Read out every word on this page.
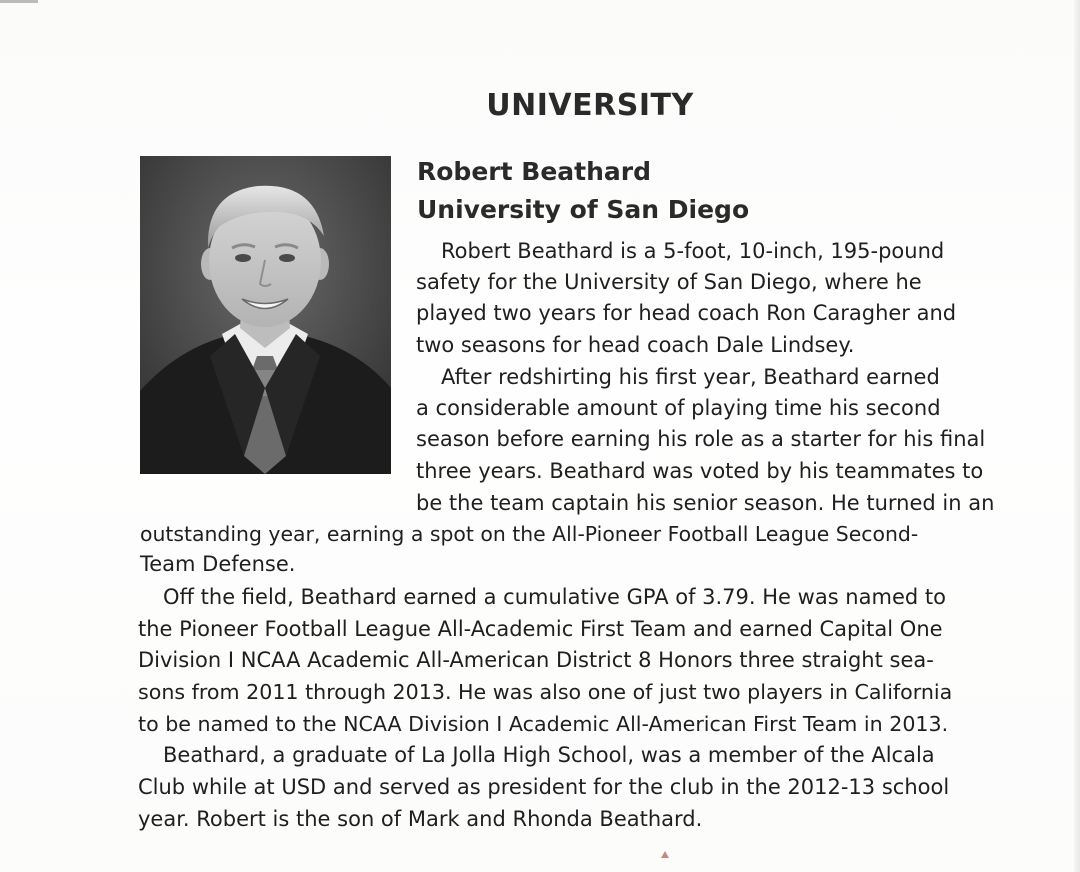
UNIVERSITY
Robert Beathard
University of San Diego
Robert Beathard is a 5-foot, 10-inch, 195-pound
safety for the University of San Diego, where he
played two years for head coach Ron Caragher and
two seasons for head coach Dale Lindsey.
After redshirting his first year, Beathard earned
a considerable amount of playing time his second
season before earning his role as a starter for his final
three years. Beathard was voted by his teammates to
be the team captain his senior season. He turned in an
outstanding year, earning a spot on the All-Pioneer Football League Second-
Team Defense.
Off the field, Beathard earned a cumulative GPA of 3.79. He was named to
the Pioneer Football League All-Academic First Team and earned Capital One
Division I NCAA Academic All-American District 8 Honors three straight sea-
sons from 2011 through 2013. He was also one of just two players in California
to be named to the NCAA Division I Academic All-American First Team in 2013.
Beathard, a graduate of La Jolla High School, was a member of the Alcala
Club while at USD and served as president for the club in the 2012-13 school
year. Robert is the son of Mark and Rhonda Beathard.
